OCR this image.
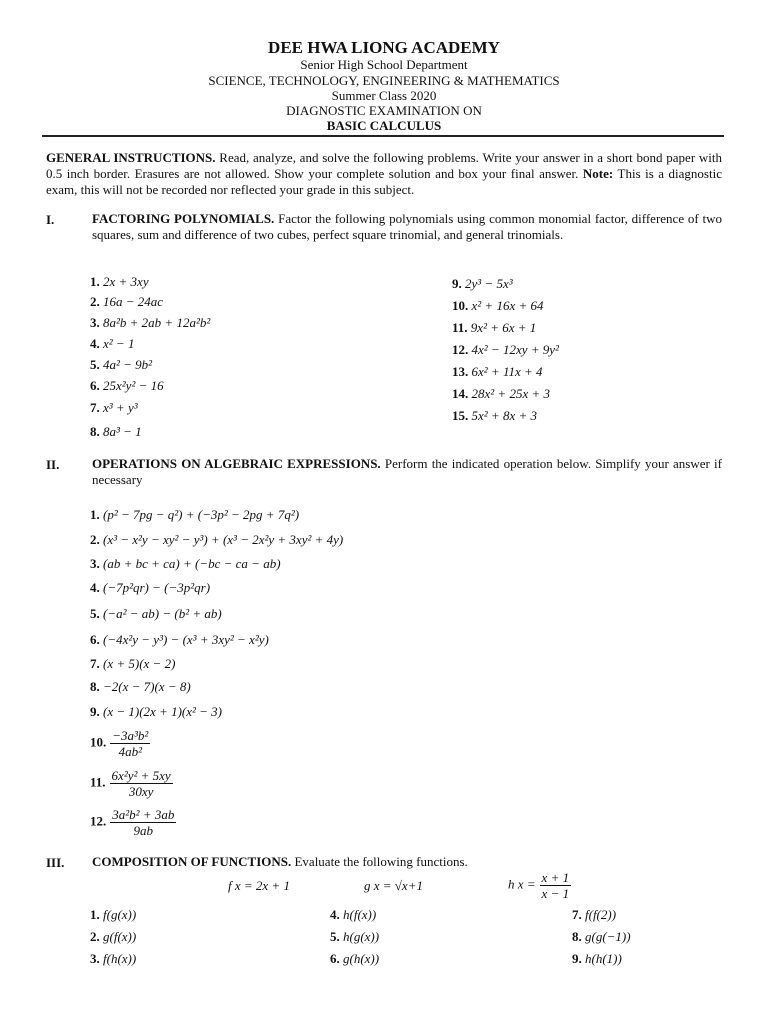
DEE HWA LIONG ACADEMY
Senior High School Department
SCIENCE, TECHNOLOGY, ENGINEERING & MATHEMATICS
Summer Class 2020
DIAGNOSTIC EXAMINATION ON
BASIC CALCULUS
GENERAL INSTRUCTIONS. Read, analyze, and solve the following problems. Write your answer in a short bond paper with 0.5 inch border. Erasures are not allowed. Show your complete solution and box your final answer. Note: This is a diagnostic exam, this will not be recorded nor reflected your grade in this subject.
I.	FACTORING POLYNOMIALS. Factor the following polynomials using common monomial factor, difference of two squares, sum and difference of two cubes, perfect square trinomial, and general trinomials.
1. 2x + 3xy
2. 16a − 24ac
3. 8a²b + 2ab + 12a²b²
4. x² − 1
5. 4a² − 9b²
6. 25x²y² − 16
7. x³ + y³
8. 8a³ − 1
9. 2y³ − 5x³
10. x² + 16x + 64
11. 9x² + 6x + 1
12. 4x² − 12xy + 9y²
13. 6x² + 11x + 4
14. 28x² + 25x + 3
15. 5x² + 8x + 3
II.	OPERATIONS ON ALGEBRAIC EXPRESSIONS. Perform the indicated operation below. Simplify your answer if necessary
1. (p² − 7pg − q²) + (−3p² − 2pg + 7q²)
2. (x³ − x²y − xy² − y³) + (x³ − 2x²y + 3xy² + 4y)
3. (ab + bc + ca) + (−bc − ca − ab)
4. (−7p²qr) − (−3p²qr)
5. (−a² − ab) − (b² + ab)
6. (−4x²y − y³) − (x³ + 3xy² − x²y)
7. (x + 5)(x − 2)
8. −2(x − 7)(x − 8)
9. (x − 1)(2x + 1)(x² − 3)
10. $\frac{\text{−3a³b²}}{\text{4ab²}}$
11. $\frac{\text{6x²y² + 5xy}}{30xy}$
12. $\frac{\text{3a²b² + 3ab}}{9ab}$
III. COMPOSITION OF FUNCTIONS. Evaluate the following functions.
f x = 2x + 1	g x = √x+1	h $x = \frac{x + 1}{x - 1}$
1. f(g(x))
2. g(f(x))
3. f(h(x))
4. h(f(x))
5. h(g(x))
6. g(h(x))
7. f(f(2))
8. g(g(−1))
9. h(h(1))
